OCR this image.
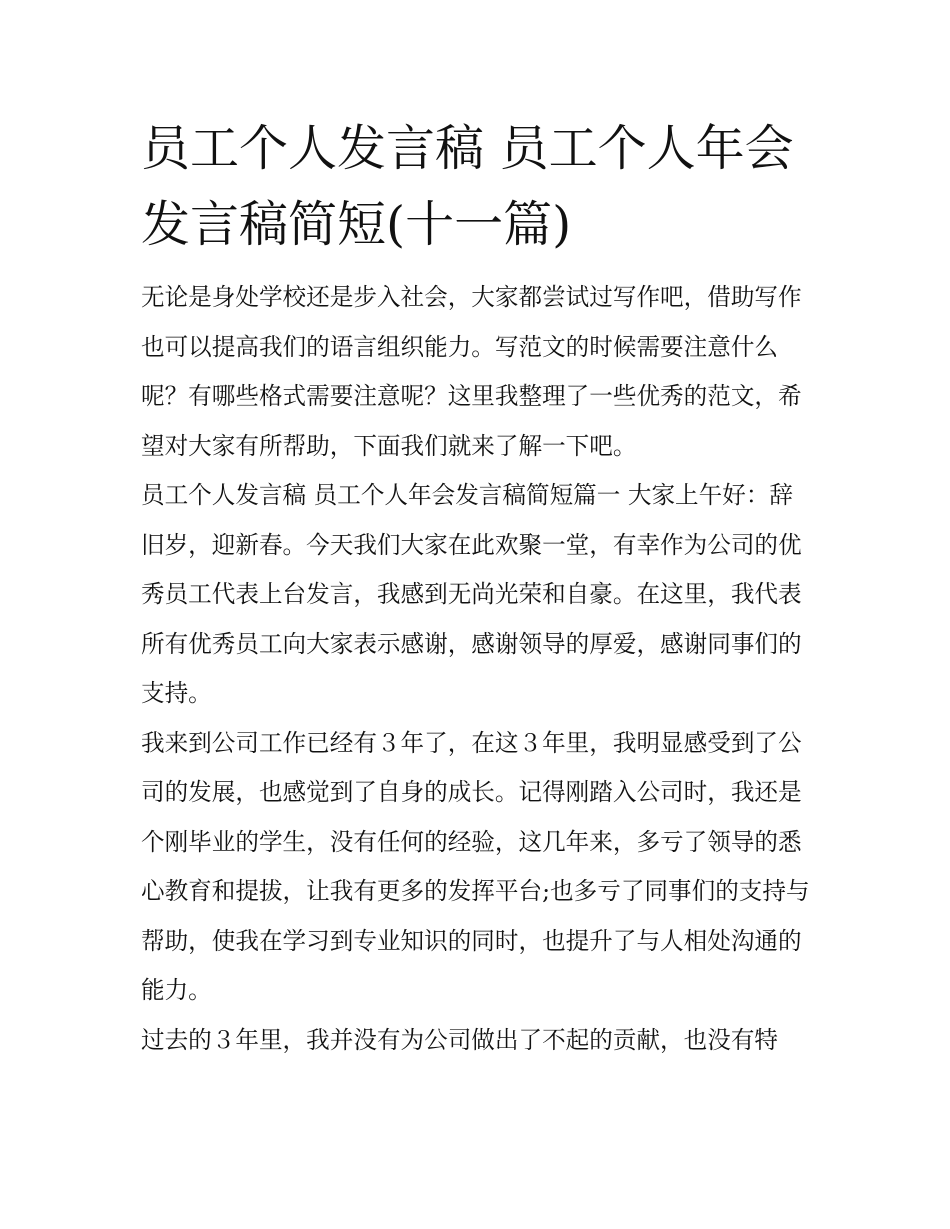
员工个人发言稿 员工个人年会
发言稿简短(十一篇)

无论是身处学校还是步入社会，大家都尝试过写作吧，借助写作也可以提高我们的语言组织能力。写范文的时候需要注意什么呢？有哪些格式需要注意呢？这里我整理了一些优秀的范文，希望对大家有所帮助，下面我们就来了解一下吧。

员工个人发言稿 员工个人年会发言稿简短篇一 大家上午好：辞旧岁，迎新春。今天我们大家在此欢聚一堂，有幸作为公司的优秀员工代表上台发言，我感到无尚光荣和自豪。在这里，我代表所有优秀员工向大家表示感谢，感谢领导的厚爱，感谢同事们的支持。

我来到公司工作已经有３年了，在这３年里，我明显感受到了公司的发展，也感觉到了自身的成长。记得刚踏入公司时，我还是个刚毕业的学生，没有任何的经验，这几年来，多亏了领导的悉心教育和提拔，让我有更多的发挥平台;也多亏了同事们的支持与帮助，使我在学习到专业知识的同时，也提升了与人相处沟通的能力。

过去的３年里，我并没有为公司做出了不起的贡献，也没有特
